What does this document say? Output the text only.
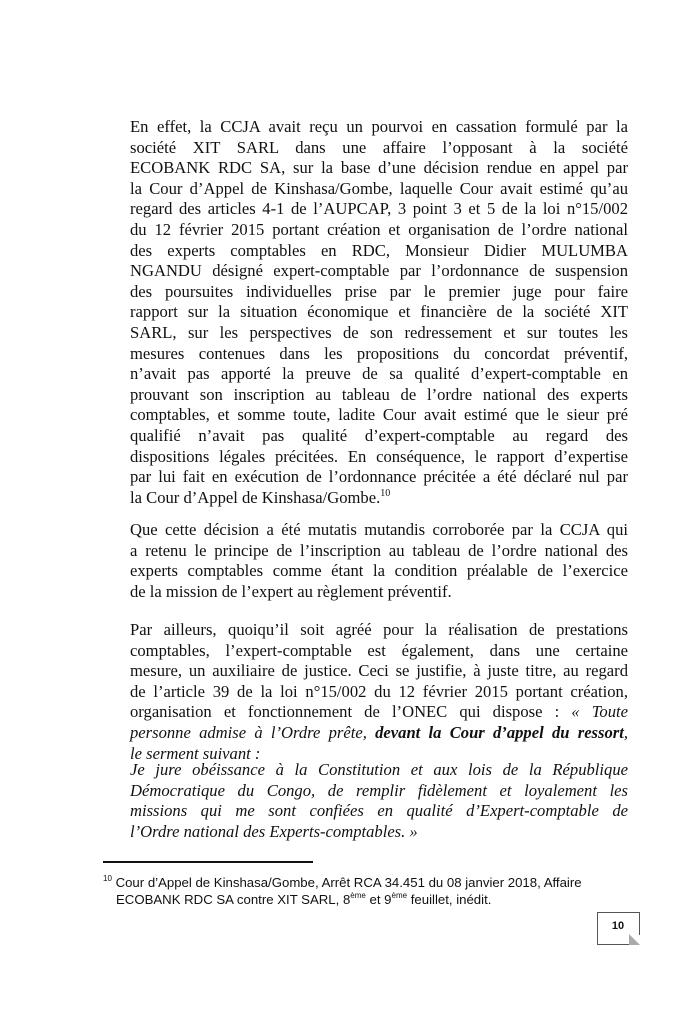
En effet, la CCJA avait reçu un pourvoi en cassation formulé par la
société XIT SARL dans une affaire l’opposant à la société
ECOBANK RDC SA, sur la base d’une décision rendue en appel par
la Cour d’Appel de Kinshasa/Gombe, laquelle Cour avait estimé qu’au
regard des articles 4-1 de l’AUPCAP, 3 point 3 et 5 de la loi n°15/002
du 12 février 2015 portant création et organisation de l’ordre national
des experts comptables en RDC, Monsieur Didier MULUMBA
NGANDU désigné expert-comptable par l’ordonnance de suspension
des poursuites individuelles prise par le premier juge pour faire
rapport sur la situation économique et financière de la société XIT
SARL, sur les perspectives de son redressement et sur toutes les
mesures contenues dans les propositions du concordat préventif,
n’avait pas apporté la preuve de sa qualité d’expert-comptable en
prouvant son inscription au tableau de l’ordre national des experts
comptables, et somme toute, ladite Cour avait estimé que le sieur pré
qualifié n’avait pas qualité d’expert-comptable au regard des
dispositions légales précitées. En conséquence, le rapport d’expertise
par lui fait en exécution de l’ordonnance précitée a été déclaré nul par
la Cour d’Appel de Kinshasa/Gombe.$^{10}$
Que cette décision a été mutatis mutandis corroborée par la CCJA qui
a retenu le principe de l’inscription au tableau de l’ordre national des
experts comptables comme étant la condition préalable de l’exercice
de la mission de l’expert au règlement préventif.
Par ailleurs, quoiqu’il soit agréé pour la réalisation de prestations
comptables, l’expert-comptable est également, dans une certaine
mesure, un auxiliaire de justice. Ceci se justifie, à juste titre, au regard
de l’article 39 de la loi n°15/002 du 12 février 2015 portant création,
organisation et fonctionnement de l’ONEC qui dispose : « Toute
personne admise à l’Ordre prête, devant la Cour d’appel du ressort,
le serment suivant :
Je jure obéissance à la Constitution et aux lois de la République
Démocratique du Congo, de remplir fidèlement et loyalement les
missions qui me sont confiées en qualité d’Expert-comptable de
l’Ordre national des Experts-comptables. »
$^{10}$ Cour d’Appel de Kinshasa/Gombe, Arrêt RCA 34.451 du 08 janvier 2018, Affaire
ECOBANK RDC SA contre XIT SARL, 8ème et 9ème feuillet, inédit.
10
